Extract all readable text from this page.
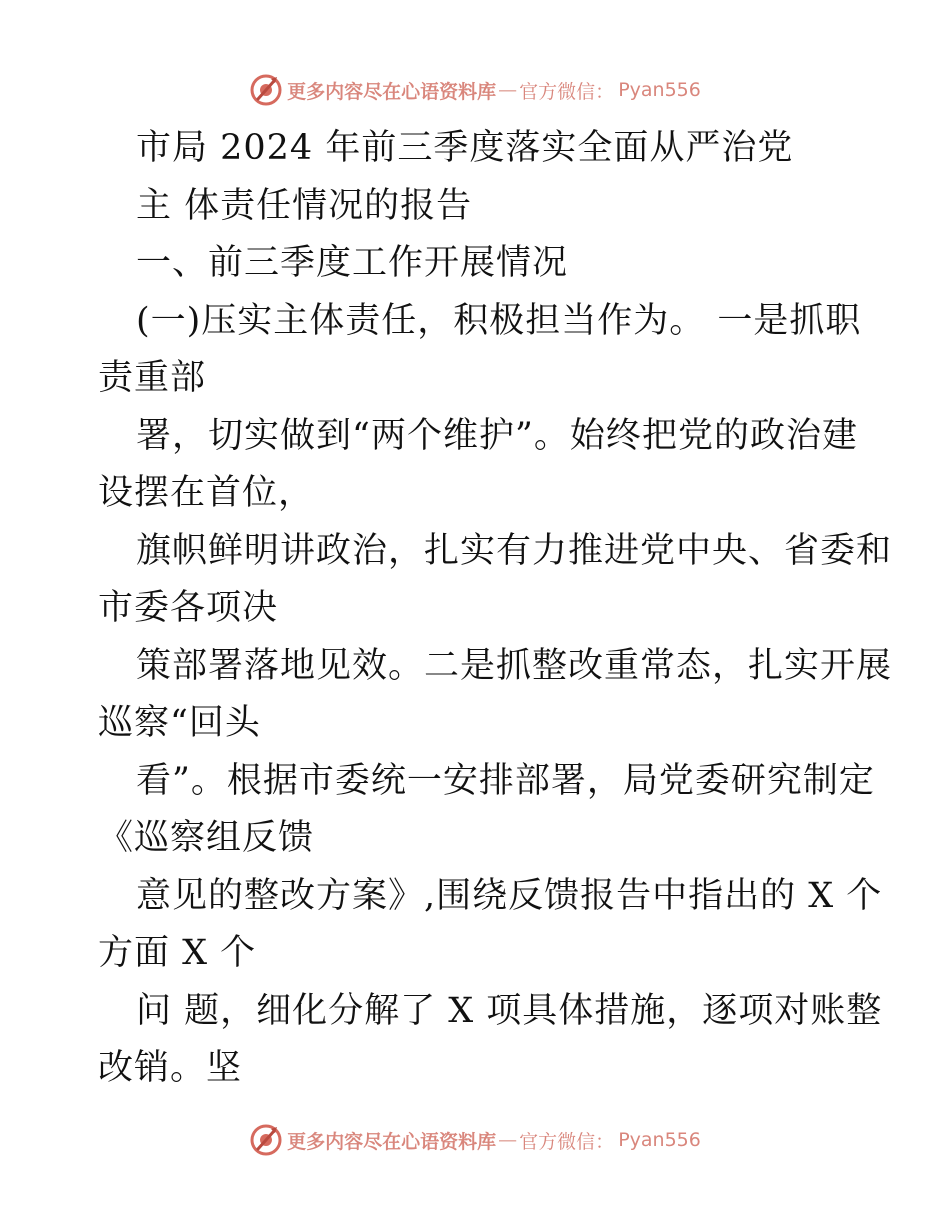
更多内容尽在心语资料库 — 官方微信： Pyan556
市局 2024 年前三季度落实全面从严治党
主 体责任情况的报告
一、前三季度工作开展情况
(一)压实主体责任，积极担当作为。 一是抓职
责重部
署，切实做到“两个维护”。始终把党的政治建
设摆在首位，
旗帜鲜明讲政治，扎实有力推进党中央、省委和
市委各项决
策部署落地见效。二是抓整改重常态，扎实开展
巡察“回头
看”。根据市委统一安排部署，局党委研究制定
《巡察组反馈
意见的整改方案》,围绕反馈报告中指出的 X 个
方面 X 个
问 题，细化分解了 X 项具体措施，逐项对账整
改销。坚
更多内容尽在心语资料库 — 官方微信： Pyan556
